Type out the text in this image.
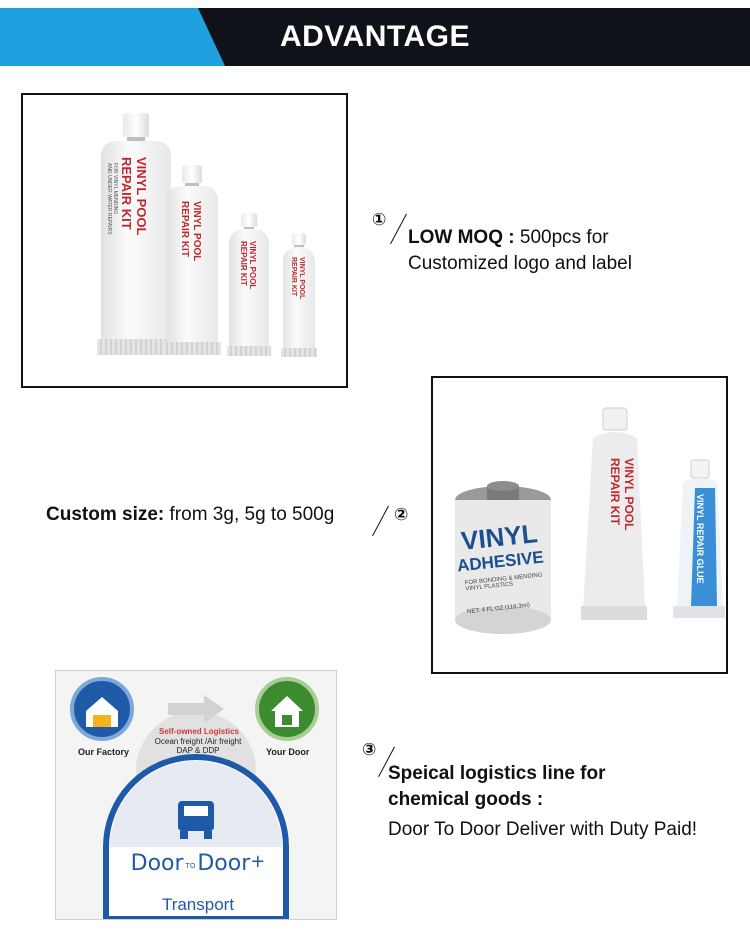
ADVANTAGE
VINYL POOL
REPAIR KIT
FOR VINYL MENDING
AND UNDER WATER REPAIRS	VINYL POOL
REPAIR KIT
VINYL POOL
REPAIR KIT	VINYL POOL
REPAIR KIT
①
LOW MOQ : 500pcs for
Customized logo and label
VINYL
ADHESIVE
FOR BONDING & MENDING VINYL PLASTICS
NET: 4 FL OZ (118.3ml)
VINYL POOL
REPAIR KIT
VINYL REPAIR GLUE
Custom size: from 3g, 5g to 500g	②
Our Factory	Your Door
Self-owned Logistics
Ocean freight /Air freight
DAP & DDP
Door TODoor+
Transport
③
Speical logistics line for
chemical goods :
Door To Door Deliver with Duty Paid!
